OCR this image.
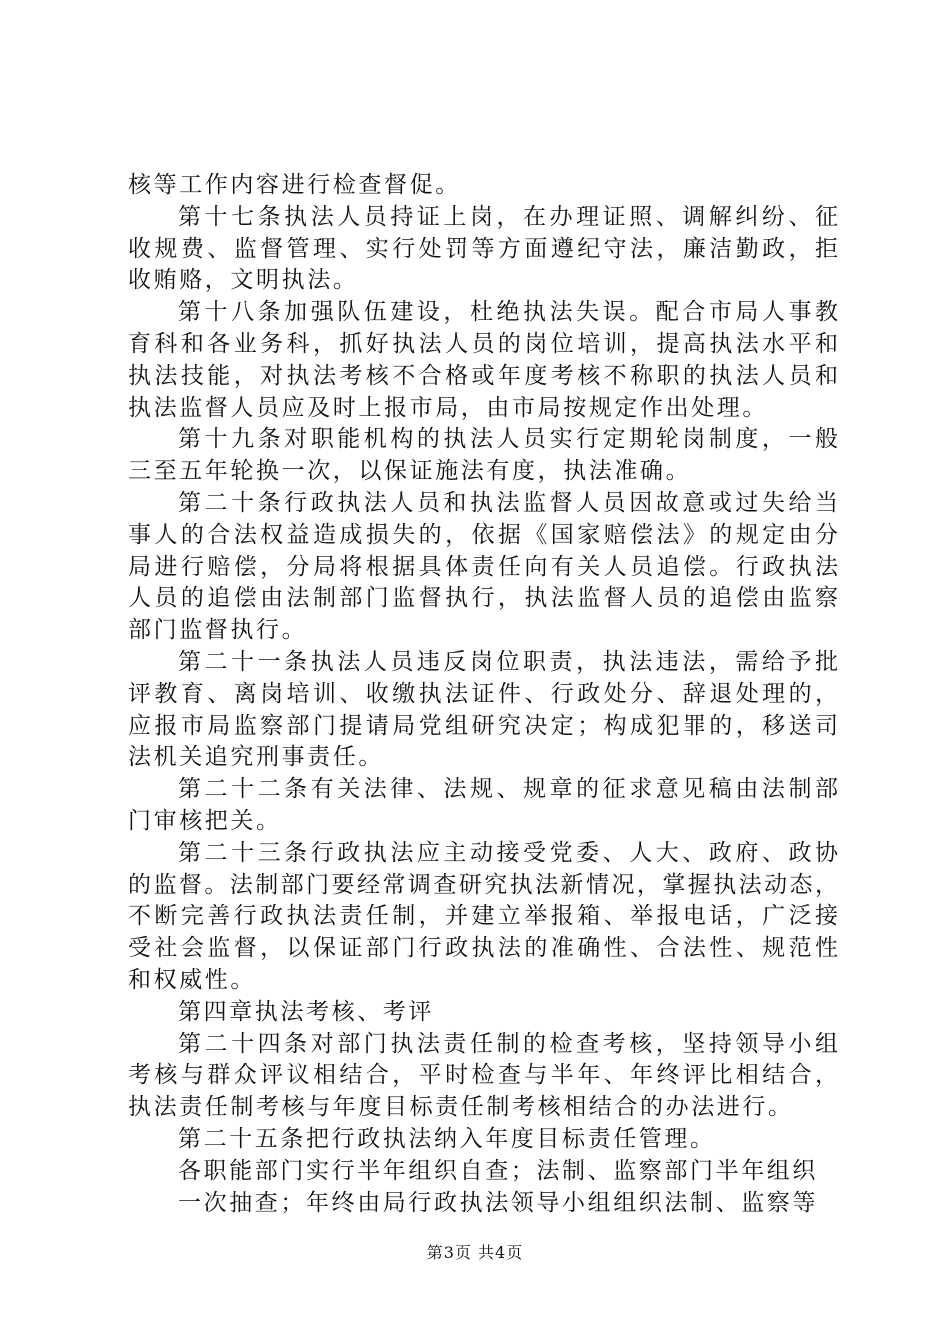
核等工作内容进行检查督促。
第十七条执法人员持证上岗，在办理证照、调解纠纷、征
收规费、监督管理、实行处罚等方面遵纪守法，廉洁勤政，拒
收贿赂，文明执法。
第十八条加强队伍建设，杜绝执法失误。配合市局人事教
育科和各业务科，抓好执法人员的岗位培训，提高执法水平和
执法技能，对执法考核不合格或年度考核不称职的执法人员和
执法监督人员应及时上报市局，由市局按规定作出处理。
第十九条对职能机构的执法人员实行定期轮岗制度，一般
三至五年轮换一次，以保证施法有度，执法准确。
第二十条行政执法人员和执法监督人员因故意或过失给当
事人的合法权益造成损失的，依据《国家赔偿法》的规定由分
局进行赔偿，分局将根据具体责任向有关人员追偿。行政执法
人员的追偿由法制部门监督执行，执法监督人员的追偿由监察
部门监督执行。
第二十一条执法人员违反岗位职责，执法违法，需给予批
评教育、离岗培训、收缴执法证件、行政处分、辞退处理的，
应报市局监察部门提请局党组研究决定；构成犯罪的，移送司
法机关追究刑事责任。
第二十二条有关法律、法规、规章的征求意见稿由法制部
门审核把关。
第二十三条行政执法应主动接受党委、人大、政府、政协
的监督。法制部门要经常调查研究执法新情况，掌握执法动态，
不断完善行政执法责任制，并建立举报箱、举报电话，广泛接
受社会监督，以保证部门行政执法的准确性、合法性、规范性
和权威性。
第四章执法考核、考评
第二十四条对部门执法责任制的检查考核，坚持领导小组
考核与群众评议相结合，平时检查与半年、年终评比相结合，
执法责任制考核与年度目标责任制考核相结合的办法进行。
第二十五条把行政执法纳入年度目标责任管理。
各职能部门实行半年组织自查；法制、监察部门半年组织
一次抽查；年终由局行政执法领导小组组织法制、监察等
第3页 共4页
